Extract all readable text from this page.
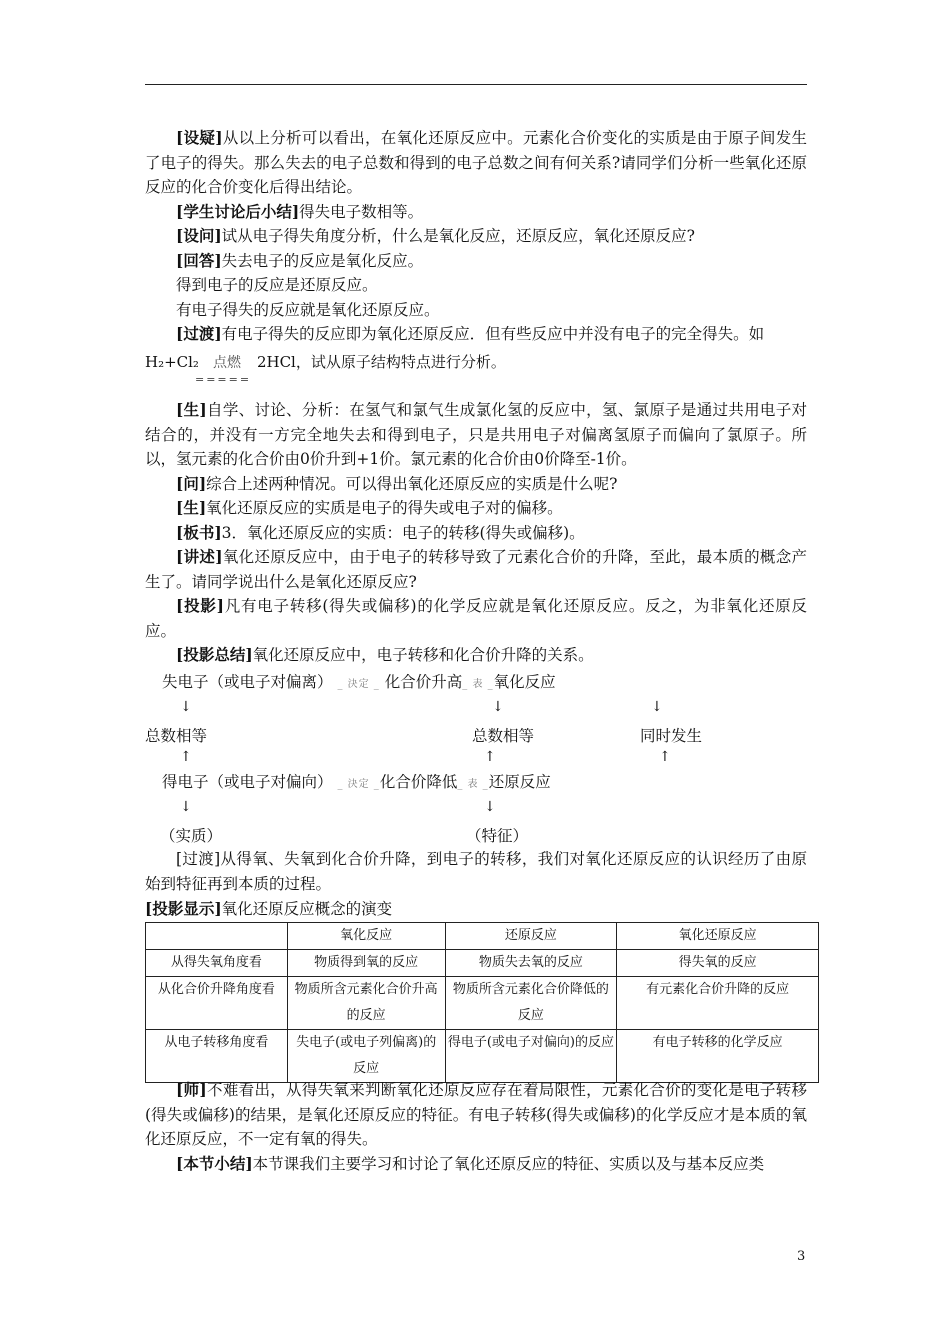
[设疑]从以上分析可以看出，在氧化还原反应中。元素化合价变化的实质是由于原子间发生了电子的得失。那么失去的电子总数和得到的电子总数之间有何关系?请同学们分析一些氧化还原反应的化合价变化后得出结论。

[学生讨论后小结]得失电子数相等。

[设问]试从电子得失角度分析，什么是氧化反应，还原反应，氧化还原反应?

[回答]失去电子的反应是氧化反应。

得到电子的反应是还原反应。

有电子得失的反应就是氧化还原反应。

[过渡]有电子得失的反应即为氧化还原反应．但有些反应中并没有电子的完全得失。如

H₂+Cl₂ 点燃 2HCl，试从原子结构特点进行分析。
=====

[生]自学、讨论、分析：在氢气和氯气生成氯化氢的反应中，氢、氯原子是通过共用电子对结合的，并没有一方完全地失去和得到电子，只是共用电子对偏离氢原子而偏向了氯原子。所以，氢元素的化合价由0价升到+1价。氯元素的化合价由0价降至-1价。

[问]综合上述两种情况。可以得出氧化还原反应的实质是什么呢?

[生]氧化还原反应的实质是电子的得失或电子对的偏移。

[板书]3．氧化还原反应的实质：电子的转移(得失或偏移)。

[讲述]氧化还原反应中，由于电子的转移导致了元素化合价的升降，至此，最本质的概念产生了。请同学说出什么是氧化还原反应?

[投影]凡有电子转移(得失或偏移)的化学反应就是氧化还原反应。反之，为非氧化还原反应。

[投影总结]氧化还原反应中，电子转移和化合价升降的关系。

失电子（或电子对偏离） _ 決定 _ 化合价升高_ 表 _氧化反应
↓	↓	↓
总数相等	总数相等	同时发生
↑	↑	↑
得电子（或电子对偏向） _ 決定 _化合价降低_ 表 _还原反应
↓	↓
（实质）	（特征）

[过渡]从得氧、失氧到化合价升降，到电子的转移，我们对氧化还原反应的认识经历了由原始到特征再到本质的过程。

[投影显示]氧化还原反应概念的演变
	氧化反应	还原反应	氧化还原反应
从得失氧角度看	物质得到氧的反应	物质失去氧的反应	得失氧的反应
从化合价升降角度看	物质所含元素化合价升高的反应	物质所含元素化合价降低的反应	有元素化合价升降的反应
从电子转移角度看	失电子(或电子列偏离)的反应	得电子(或电子对偏向)的反应	有电子转移的化学反应

[师]不难看出，从得失氧来判断氧化还原反应存在着局限性，元素化合价的变化是电子转移(得失或偏移)的结果，是氧化还原反应的特征。有电子转移(得失或偏移)的化学反应才是本质的氧化还原反应，不一定有氧的得失。

[本节小结]本节课我们主要学习和讨论了氧化还原反应的特征、实质以及与基本反应类

3
